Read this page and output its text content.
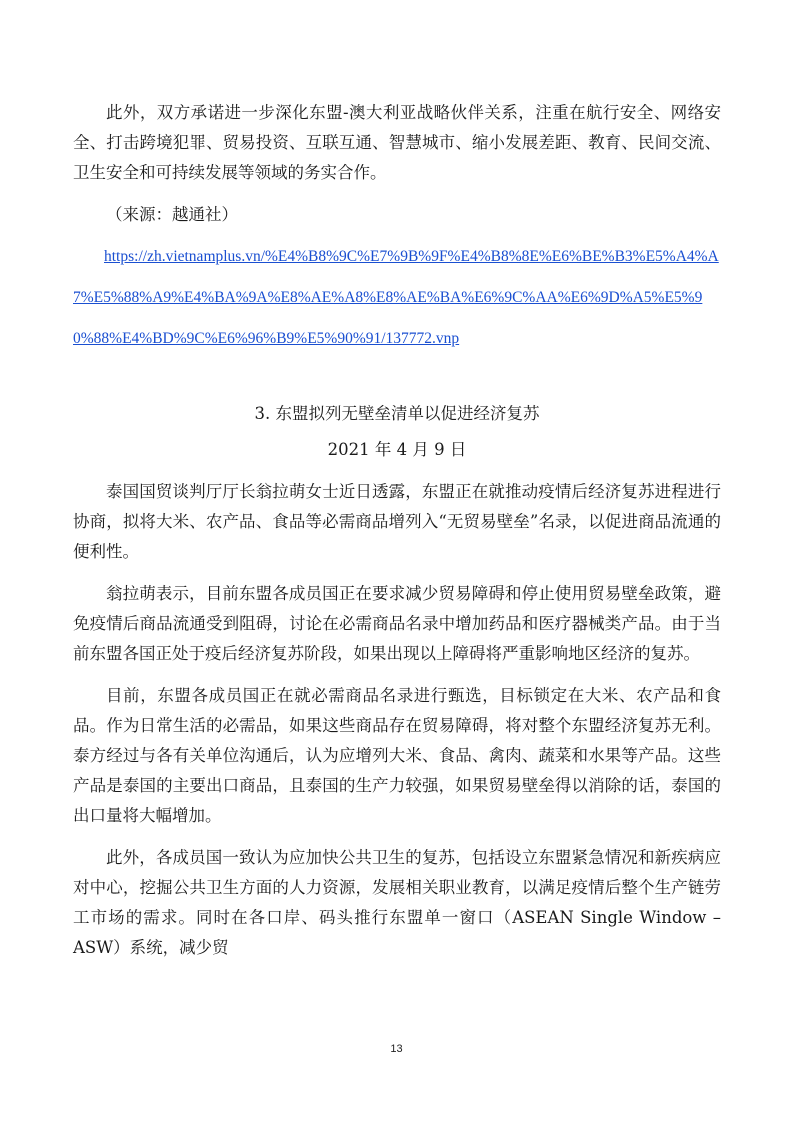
此外，双方承诺进一步深化东盟-澳大利亚战略伙伴关系，注重在航行安全、网络安全、打击跨境犯罪、贸易投资、互联互通、智慧城市、缩小发展差距、教育、民间交流、卫生安全和可持续发展等领域的务实合作。

（来源：越通社）

https://zh.vietnamplus.vn/%E4%B8%9C%E7%9B%9F%E4%B8%8E%E6%BE%B3%E5%A4%A7%E5%88%A9%E4%BA%9A%E8%AE%A8%E8%AE%BA%E6%9C%AA%E6%9D%A5%E5%90%88%E4%BD%9C%E6%96%B9%E5%90%91/137772.vnp

3. 东盟拟列无壁垒清单以促进经济复苏

2021 年 4 月 9 日

泰国国贸谈判厅厅长翁拉萌女士近日透露，东盟正在就推动疫情后经济复苏进程进行协商，拟将大米、农产品、食品等必需商品增列入“无贸易壁垒”名录，以促进商品流通的便利性。

翁拉萌表示，目前东盟各成员国正在要求减少贸易障碍和停止使用贸易壁垒政策，避免疫情后商品流通受到阻碍，讨论在必需商品名录中增加药品和医疗器械类产品。由于当前东盟各国正处于疫后经济复苏阶段，如果出现以上障碍将严重影响地区经济的复苏。

目前，东盟各成员国正在就必需商品名录进行甄选，目标锁定在大米、农产品和食品。作为日常生活的必需品，如果这些商品存在贸易障碍，将对整个东盟经济复苏无利。泰方经过与各有关单位沟通后，认为应增列大米、食品、禽肉、蔬菜和水果等产品。这些产品是泰国的主要出口商品，且泰国的生产力较强，如果贸易壁垒得以消除的话，泰国的出口量将大幅增加。

此外，各成员国一致认为应加快公共卫生的复苏，包括设立东盟紧急情况和新疾病应对中心，挖掘公共卫生方面的人力资源，发展相关职业教育，以满足疫情后整个生产链劳工市场的需求。同时在各口岸、码头推行东盟单一窗口（ASEAN Single Window – ASW）系统，减少贸

13
